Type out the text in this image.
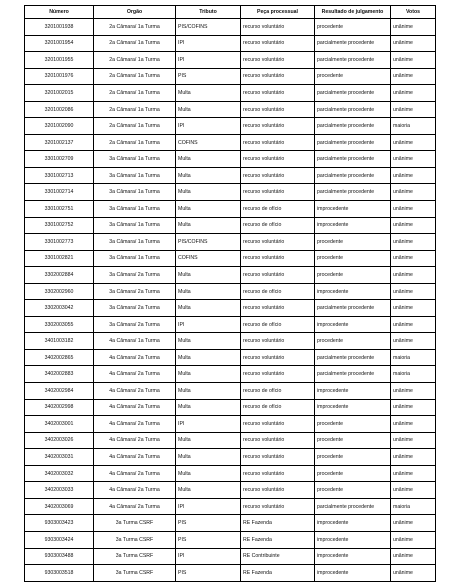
Número	Orgão	Tributo	Peça processual	Resultado de julgamento	Votos
3201001938	2a Câmara/ 1a Turma	PIS/COFINS	recurso voluntário	procedente	unânime
3201001954	2a Câmara/ 1a Turma	IPI	recurso voluntário	parcialmente procedente	unânime
3201001955	2a Câmara/ 1a Turma	IPI	recurso voluntário	parcialmente procedente	unânime
3201001976	2a Câmara/ 1a Turma	PIS	recurso voluntário	procedente	unânime
3201002015	2a Câmara/ 1a Turma	Multa	recurso voluntário	parcialmente procedente	unânime
3201002086	2a Câmara/ 1a Turma	Multa	recurso voluntário	parcialmente procedente	unânime
3201002090	2a Câmara/ 1a Turma	IPI	recurso voluntário	parcialmente procedente	maioria
3201002137	2a Câmara/ 1a Turma	COFINS	recurso voluntário	parcialmente procedente	unânime
3301002709	3a Câmara/ 1a Turma	Multa	recurso voluntário	parcialmente procedente	unânime
3301002713	3a Câmara/ 1a Turma	Multa	recurso voluntário	parcialmente procedente	unânime
3301002714	3a Câmara/ 1a Turma	Multa	recurso voluntário	parcialmente procedente	unânime
3301002751	3a Câmara/ 1a Turma	Multa	recurso de ofício	improcedente	unânime
3301002752	3a Câmara/ 1a Turma	Multa	recurso de ofício	improcedente	unânime
3301002773	3a Câmara/ 1a Turma	PIS/COFINS	recurso voluntário	procedente	unânime
3301002821	3a Câmara/ 1a Turma	COFINS	recurso voluntário	procedente	unânime
3302002884	3a Câmara/ 2a Turma	Multa	recurso voluntário	procedente	unânime
3302002960	3a Câmara/ 2a Turma	Multa	recurso de ofício	improcedente	unânime
3302003042	3a Câmara/ 2a Turma	Multa	recurso voluntário	parcialmente procedente	unânime
3302003055	3a Câmara/ 2a Turma	IPI	recurso de ofício	improcedente	unânime
3401003182	4a Câmara/ 1a Turma	Multa	recurso voluntário	procedente	unânime
3402002865	4a Câmara/ 2a Turma	Multa	recurso voluntário	parcialmente procedente	maioria
3402002883	4a Câmara/ 2a Turma	Multa	recurso voluntário	parcialmente procedente	maioria
3402002984	4a Câmara/ 2a Turma	Multa	recurso de ofício	improcedente	unânime
3402002998	4a Câmara/ 2a Turma	Multa	recurso de ofício	improcedente	unânime
3402003001	4a Câmara/ 2a Turma	IPI	recurso voluntário	procedente	unânime
3402003026	4a Câmara/ 2a Turma	Multa	recurso voluntário	procedente	unânime
3402003031	4a Câmara/ 2a Turma	Multa	recurso voluntário	procedente	unânime
3402003032	4a Câmara/ 2a Turma	Multa	recurso voluntário	procedente	unânime
3402003033	4a Câmara/ 2a Turma	Multa	recurso voluntário	procedente	unânime
3402003069	4a Câmara/ 2a Turma	IPI	recurso voluntário	parcialmente procedente	maioria
9303003423	3a Turma CSRF	PIS	RE Fazenda	improcedente	unânime
9303003424	3a Turma CSRF	PIS	RE Fazenda	improcedente	unânime
9303003488	3a Turma CSRF	IPI	RE Contribuinte	improcedente	unânime
9303003518	3a Turma CSRF	PIS	RE Fazenda	improcedente	unânime
